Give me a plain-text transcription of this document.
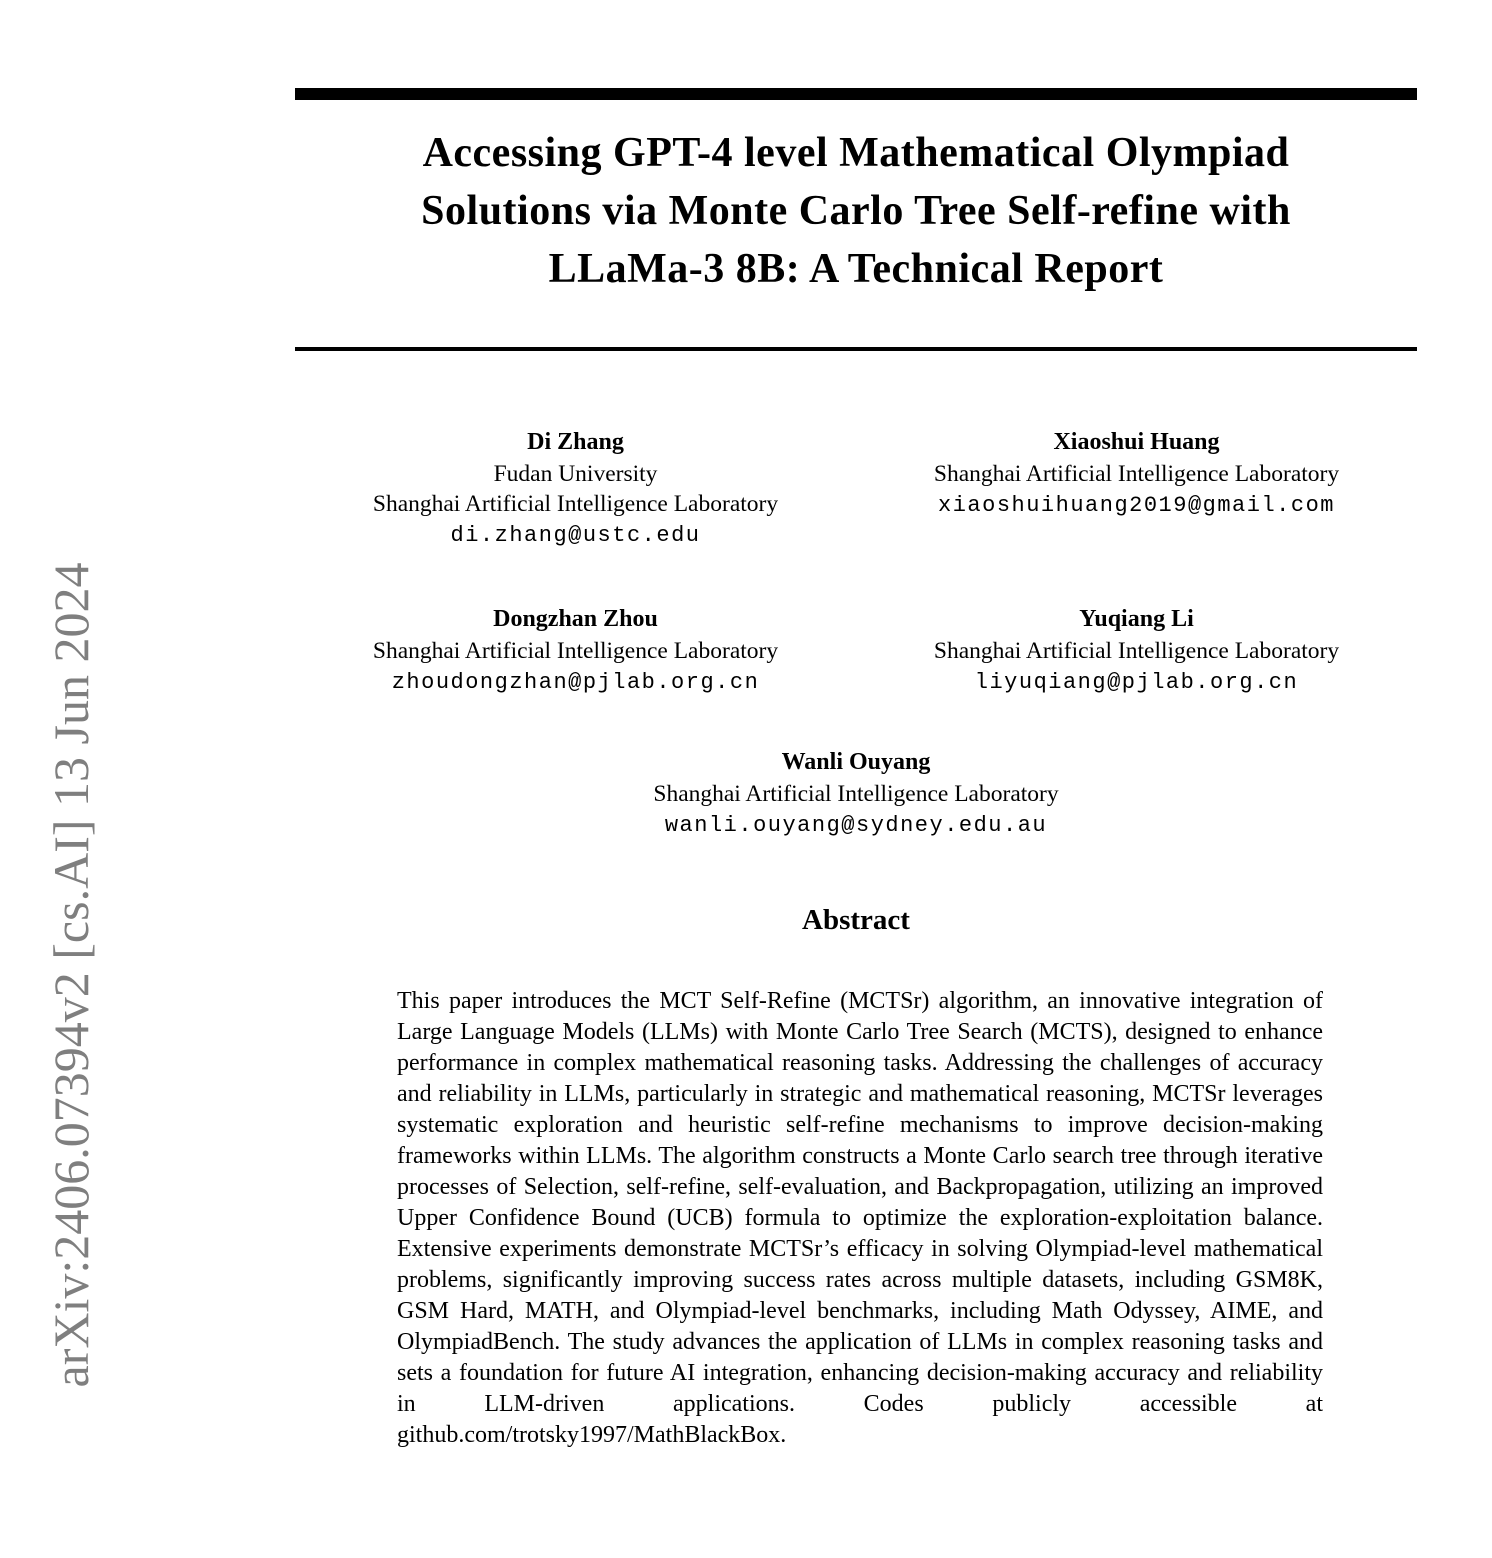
arXiv:2406.07394v2 [cs.AI] 13 Jun 2024
Accessing GPT-4 level Mathematical Olympiad
Solutions via Monte Carlo Tree Self-refine with
LLaMa-3 8B: A Technical Report
Di Zhang
Fudan University
Shanghai Artificial Intelligence Laboratory
di.zhang@ustc.edu
Xiaoshui Huang
Shanghai Artificial Intelligence Laboratory
xiaoshuihuang2019@gmail.com
Dongzhan Zhou
Shanghai Artificial Intelligence Laboratory
zhoudongzhan@pjlab.org.cn
Yuqiang Li
Shanghai Artificial Intelligence Laboratory
liyuqiang@pjlab.org.cn
Wanli Ouyang
Shanghai Artificial Intelligence Laboratory
wanli.ouyang@sydney.edu.au
Abstract

This paper introduces the MCT Self-Refine (MCTSr) algorithm, an innovative integration of Large Language Models (LLMs) with Monte Carlo Tree Search (MCTS), designed to enhance performance in complex mathematical reasoning tasks. Addressing the challenges of accuracy and reliability in LLMs, particularly in strategic and mathematical reasoning, MCTSr leverages systematic exploration and heuristic self-refine mechanisms to improve decision-making frameworks within LLMs. The algorithm constructs a Monte Carlo search tree through iterative processes of Selection, self-refine, self-evaluation, and Backpropagation, utilizing an improved Upper Confidence Bound (UCB) formula to optimize the exploration-exploitation balance. Extensive experiments demonstrate MCTSr’s efficacy in solving Olympiad-level mathematical problems, significantly improving success rates across multiple datasets, including GSM8K, GSM Hard, MATH, and Olympiad-level benchmarks, including Math Odyssey, AIME, and OlympiadBench. The study advances the application of LLMs in complex reasoning tasks and sets a foundation for future AI integration, enhancing decision-making accuracy and reliability in LLM-driven applications. Codes publicly accessible at github.com/trotsky1997/MathBlackBox.
